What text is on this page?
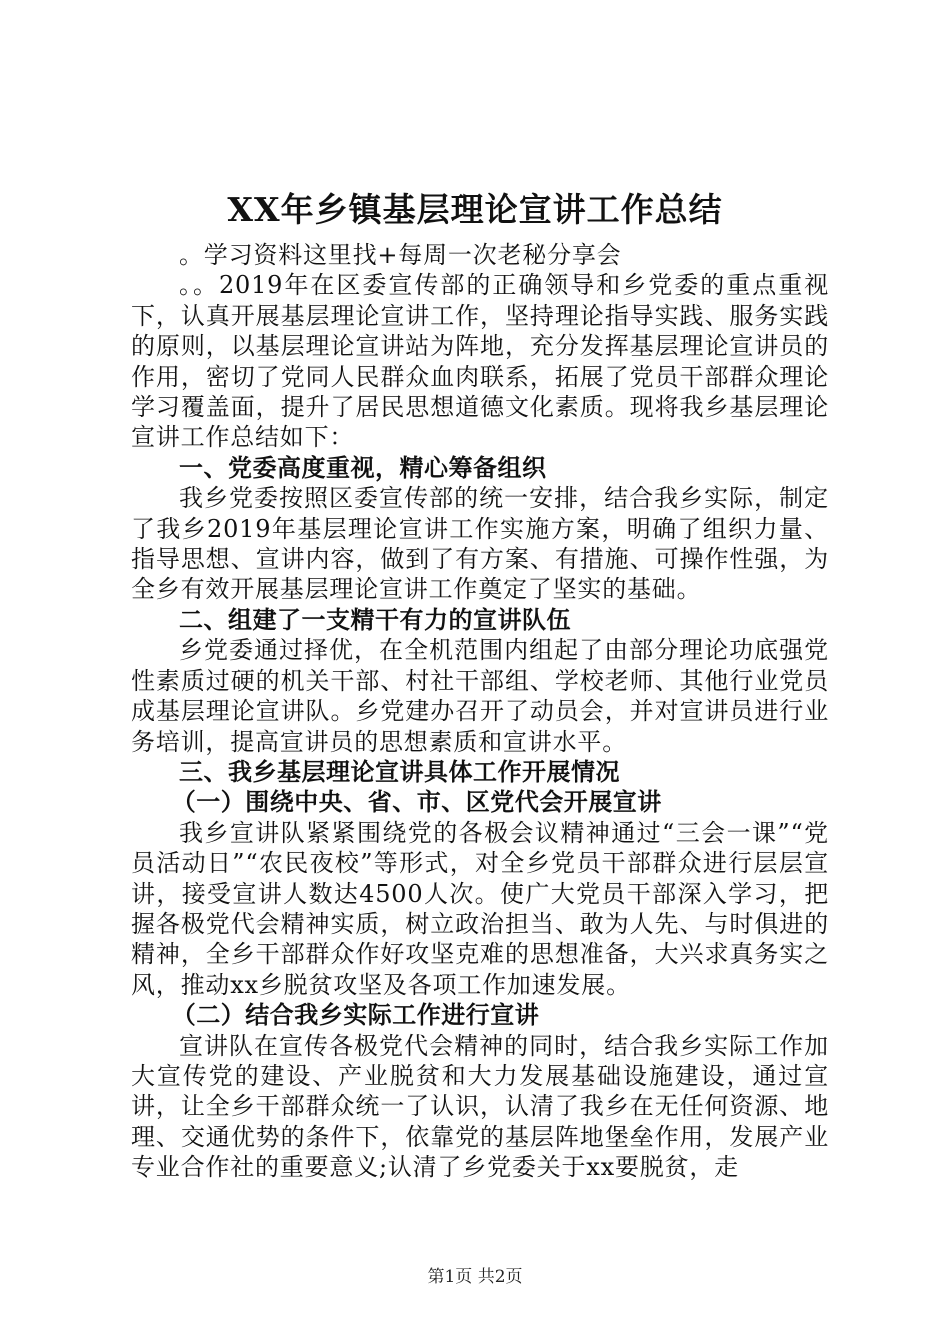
XX年乡镇基层理论宣讲工作总结

。学习资料这里找+每周一次老秘分享会

。。2019年在区委宣传部的正确领导和乡党委的重点重视下，认真开展基层理论宣讲工作，坚持理论指导实践、服务实践的原则，以基层理论宣讲站为阵地，充分发挥基层理论宣讲员的作用，密切了党同人民群众血肉联系，拓展了党员干部群众理论学习覆盖面，提升了居民思想道德文化素质。现将我乡基层理论宣讲工作总结如下：

一、党委高度重视，精心筹备组织

我乡党委按照区委宣传部的统一安排，结合我乡实际，制定了我乡2019年基层理论宣讲工作实施方案，明确了组织力量、指导思想、宣讲内容，做到了有方案、有措施、可操作性强，为全乡有效开展基层理论宣讲工作奠定了坚实的基础。

二、组建了一支精干有力的宣讲队伍

乡党委通过择优，在全机范围内组起了由部分理论功底强党性素质过硬的机关干部、村社干部组、学校老师、其他行业党员成基层理论宣讲队。乡党建办召开了动员会，并对宣讲员进行业务培训，提高宣讲员的思想素质和宣讲水平。

三、我乡基层理论宣讲具体工作开展情况

（一）围绕中央、省、市、区党代会开展宣讲

我乡宣讲队紧紧围绕党的各极会议精神通过“三会一课”“党员活动日”“农民夜校”等形式，对全乡党员干部群众进行层层宣讲，接受宣讲人数达4500人次。使广大党员干部深入学习，把握各极党代会精神实质，树立政治担当、敢为人先、与时俱进的精神，全乡干部群众作好攻坚克难的思想准备，大兴求真务实之风，推动xx乡脱贫攻坚及各项工作加速发展。

（二）结合我乡实际工作进行宣讲

宣讲队在宣传各极党代会精神的同时，结合我乡实际工作加大宣传党的建设、产业脱贫和大力发展基础设施建设，通过宣讲，让全乡干部群众统一了认识，认清了我乡在无任何资源、地理、交通优势的条件下，依靠党的基层阵地堡垒作用，发展产业专业合作社的重要意义;认清了乡党委关于xx要脱贫，走

第1页 共2页
